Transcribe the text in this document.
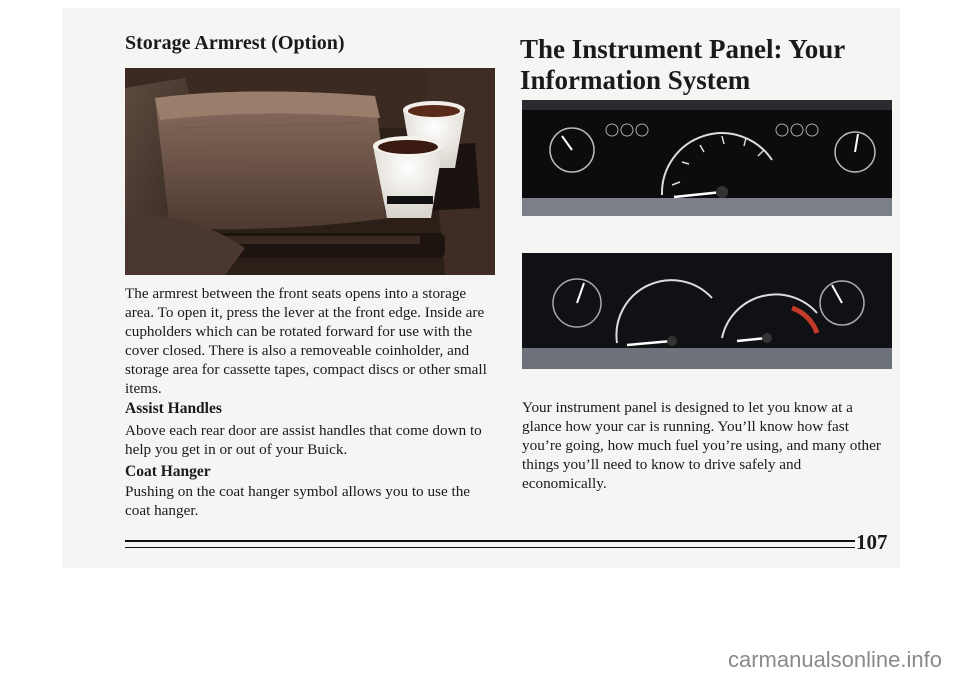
Storage Armrest (Option)

The armrest between the front seats opens into a storage area. To open it, press the lever at the front edge. Inside are cupholders which can be rotated forward for use with the cover closed. There is also a removeable coinholder, and storage area for cassette tapes, compact discs or other small items.

Assist Handles

Above each rear door are assist handles that come down to help you get in or out of your Buick.

Coat Hanger

Pushing on the coat hanger symbol allows you to use the coat hanger.

The Instrument Panel: Your Information System

Your instrument panel is designed to let you know at a glance how your car is running. You’ll know how fast you’re going, how much fuel you’re using, and many other things you’ll need to know to drive safely and economically.

107
carmanualsonline.info
